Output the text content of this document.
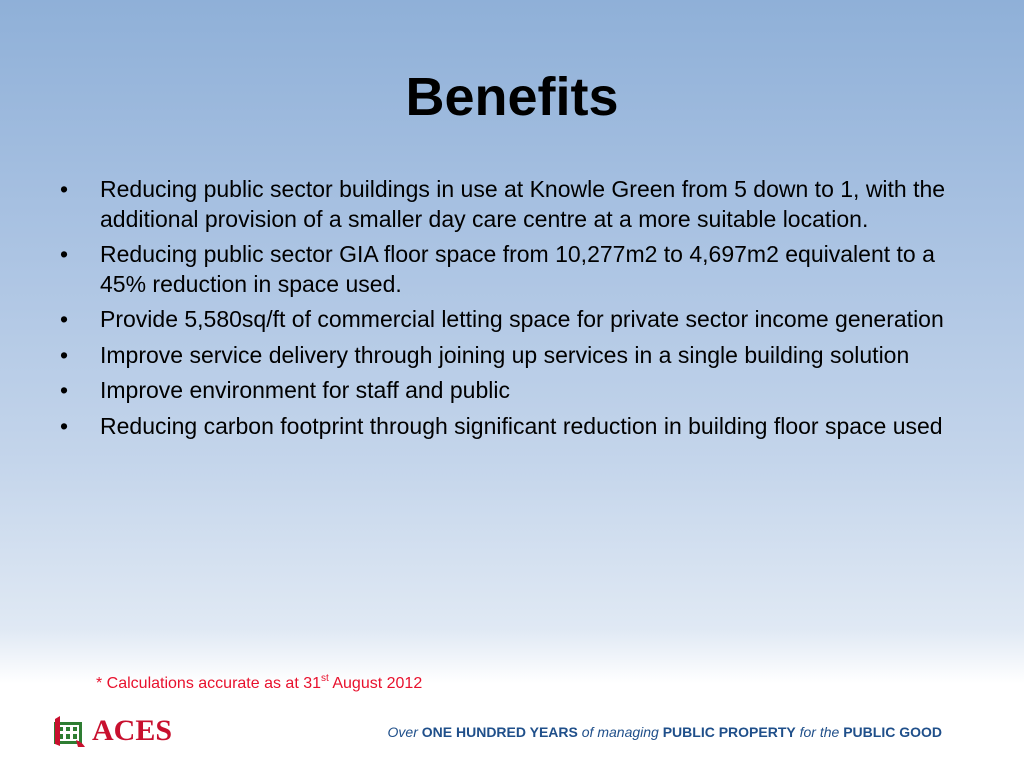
Benefits
•	Reducing public sector buildings in use at Knowle Green from 5 down to 1, with the additional provision of a smaller day care centre at a more suitable location.
•	Reducing public sector GIA floor space from 10,277m2 to 4,697m2 equivalent to a 45% reduction in space used.
•	Provide 5,580sq/ft of commercial letting space for private sector income generation
•	Improve service delivery through joining up services in a single building solution
•	Improve environment for staff and public
•	Reducing carbon footprint through significant reduction in building floor space used
* Calculations accurate as at 31st August 2012
ACES	Over ONE HUNDRED YEARS of managing PUBLIC PROPERTY for the PUBLIC GOOD
